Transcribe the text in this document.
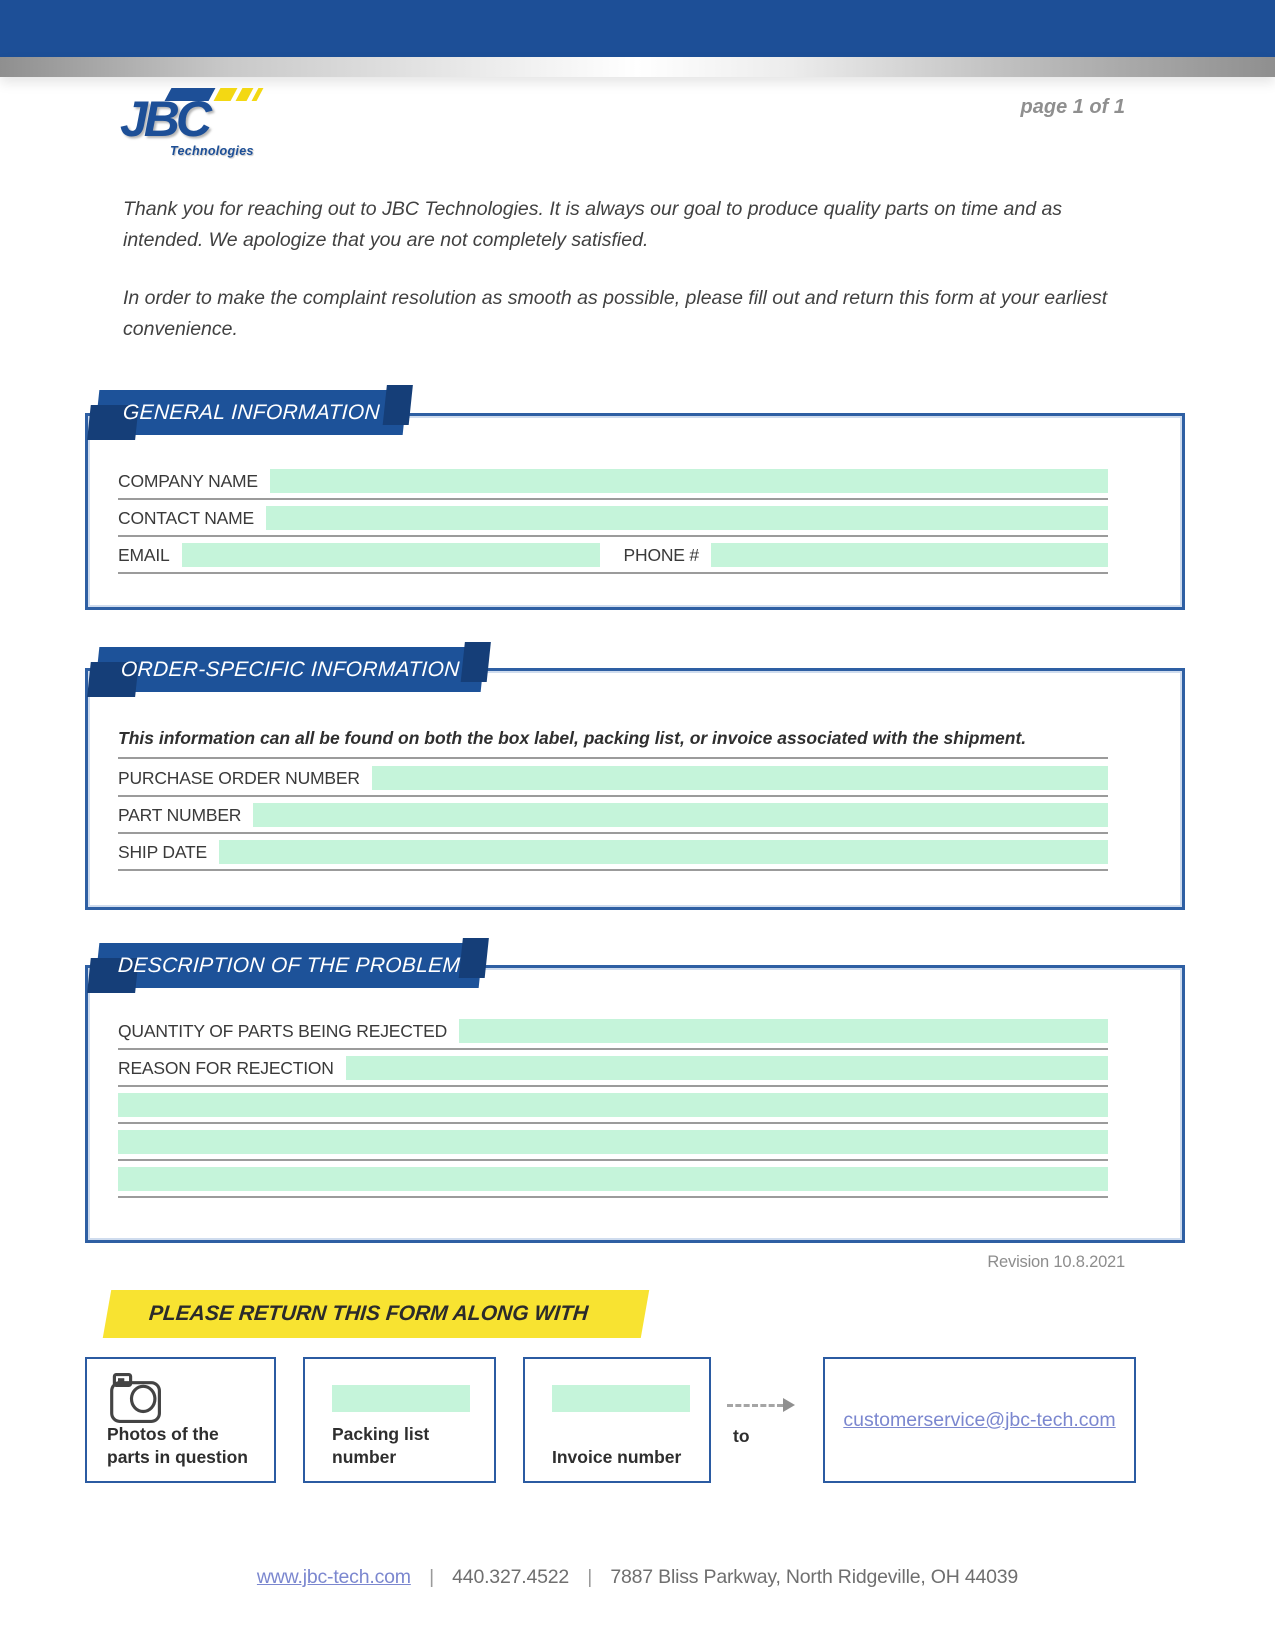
JBC
Technologies
page 1 of 1

Thank you for reaching out to JBC Technologies. It is always our goal to produce quality parts on time and as intended. We apologize that you are not completely satisfied.

In order to make the complaint resolution as smooth as possible, please fill out and return this form at your earliest convenience.

GENERAL INFORMATION
COMPANY NAME
CONTACT NAME
EMAIL	PHONE #
ORDER-SPECIFIC INFORMATION
This information can all be found on both the box label, packing list, or invoice associated with the shipment.
PURCHASE ORDER NUMBER
PART NUMBER
SHIP DATE
DESCRIPTION OF THE PROBLEM
QUANTITY OF PARTS BEING REJECTED
REASON FOR REJECTION
Revision 10.8.2021
PLEASE RETURN THIS FORM ALONG WITH
Photos of the parts in question
Packing list number	Invoice number
to
customerservice@jbc-tech.com
www.jbc-tech.com | 440.327.4522 | 7887 Bliss Parkway, North Ridgeville, OH 44039
